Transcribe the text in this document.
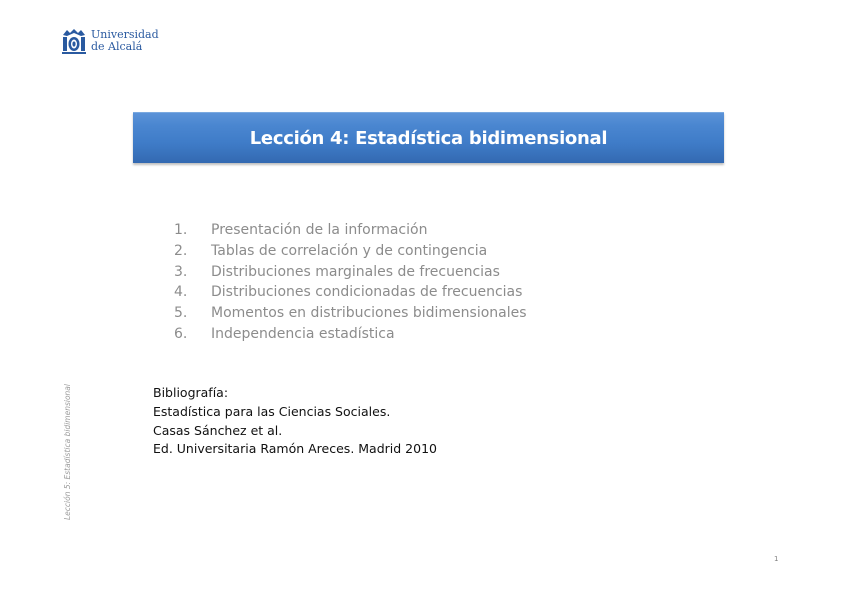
Universidad
de Alcalá
Lección 4: Estadística bidimensional
1.	Presentación de la información
2.	Tablas de correlación y de contingencia
3.	Distribuciones marginales de frecuencias
4.	Distribuciones condicionadas de frecuencias
5.	Momentos en distribuciones bidimensionales
6.	Independencia estadística
Bibliografía:
Estadística para las Ciencias Sociales.
Casas Sánchez et al.
Ed. Universitaria Ramón Areces. Madrid 2010
Lección 5: Estadística bidimensional
1
